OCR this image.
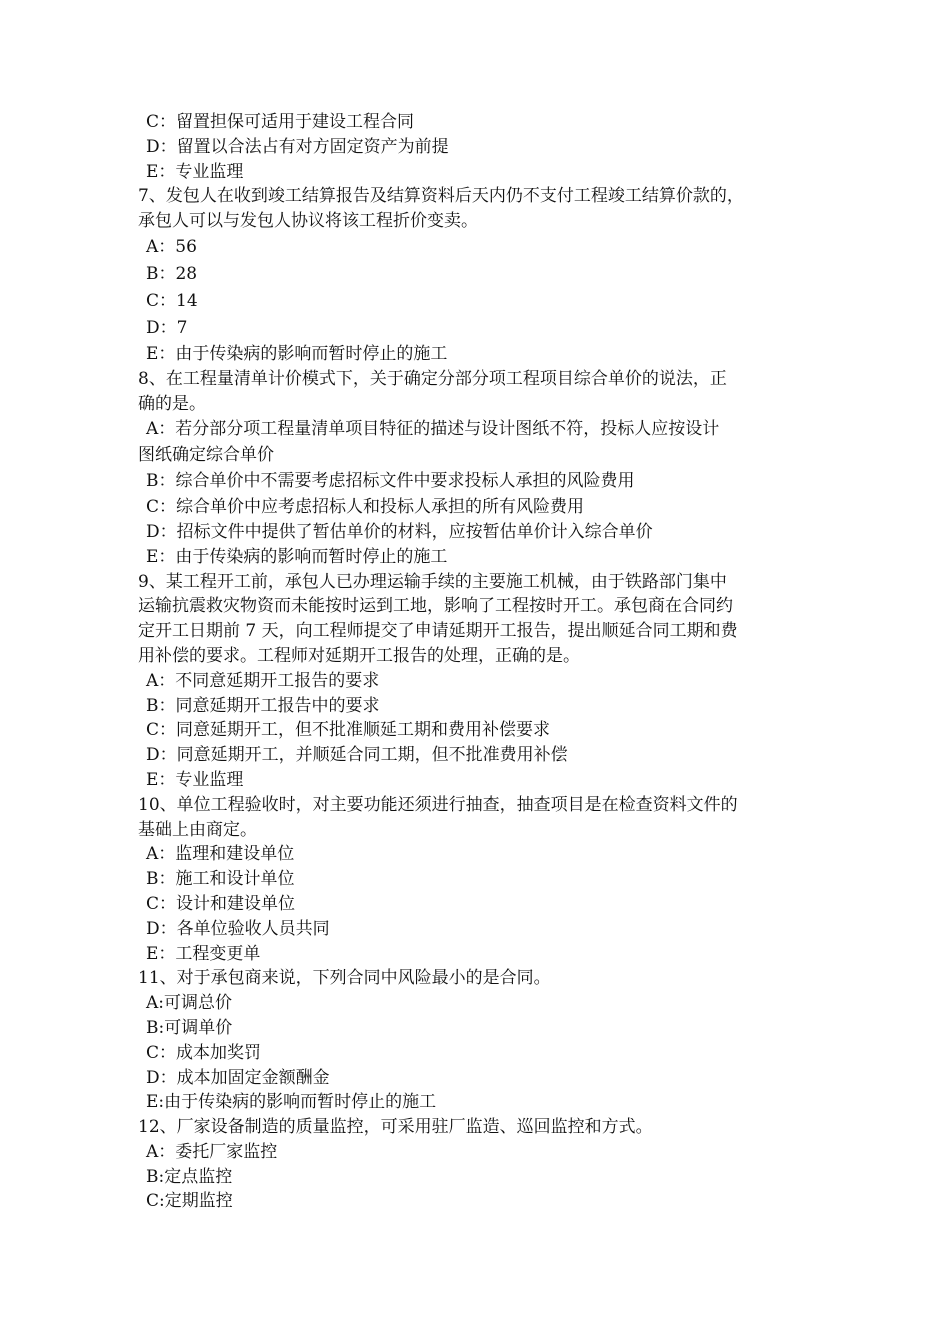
C：留置担保可适用于建设工程合同
D：留置以合法占有对方固定资产为前提
E：专业监理
7、发包人在收到竣工结算报告及结算资料后天内仍不支付工程竣工结算价款的，
承包人可以与发包人协议将该工程折价变卖。
A：56
B：28
C：14
D：7
E：由于传染病的影响而暂时停止的施工
8、在工程量清单计价模式下，关于确定分部分项工程项目综合单价的说法，正
确的是。
A：若分部分项工程量清单项目特征的描述与设计图纸不符，投标人应按设计
图纸确定综合单价
B：综合单价中不需要考虑招标文件中要求投标人承担的风险费用
C：综合单价中应考虑招标人和投标人承担的所有风险费用
D：招标文件中提供了暂估单价的材料，应按暂估单价计入综合单价
E：由于传染病的影响而暂时停止的施工
9、某工程开工前，承包人已办理运输手续的主要施工机械，由于铁路部门集中
运输抗震救灾物资而未能按时运到工地，影响了工程按时开工。承包商在合同约
定开工日期前 7 天，向工程师提交了申请延期开工报告，提出顺延合同工期和费
用补偿的要求。工程师对延期开工报告的处理，正确的是。
A：不同意延期开工报告的要求
B：同意延期开工报告中的要求
C：同意延期开工，但不批准顺延工期和费用补偿要求
D：同意延期开工，并顺延合同工期，但不批准费用补偿
E：专业监理
10、单位工程验收时，对主要功能还须进行抽查，抽查项目是在检查资料文件的
基础上由商定。
A：监理和建设单位
B：施工和设计单位
C：设计和建设单位
D：各单位验收人员共同
E：工程变更单
11、对于承包商来说，下列合同中风险最小的是合同。
A:可调总价
B:可调单价
C：成本加奖罚
D：成本加固定金额酬金
E:由于传染病的影响而暂时停止的施工
12、厂家设备制造的质量监控，可采用驻厂监造、巡回监控和方式。
A：委托厂家监控
B:定点监控
C:定期监控
